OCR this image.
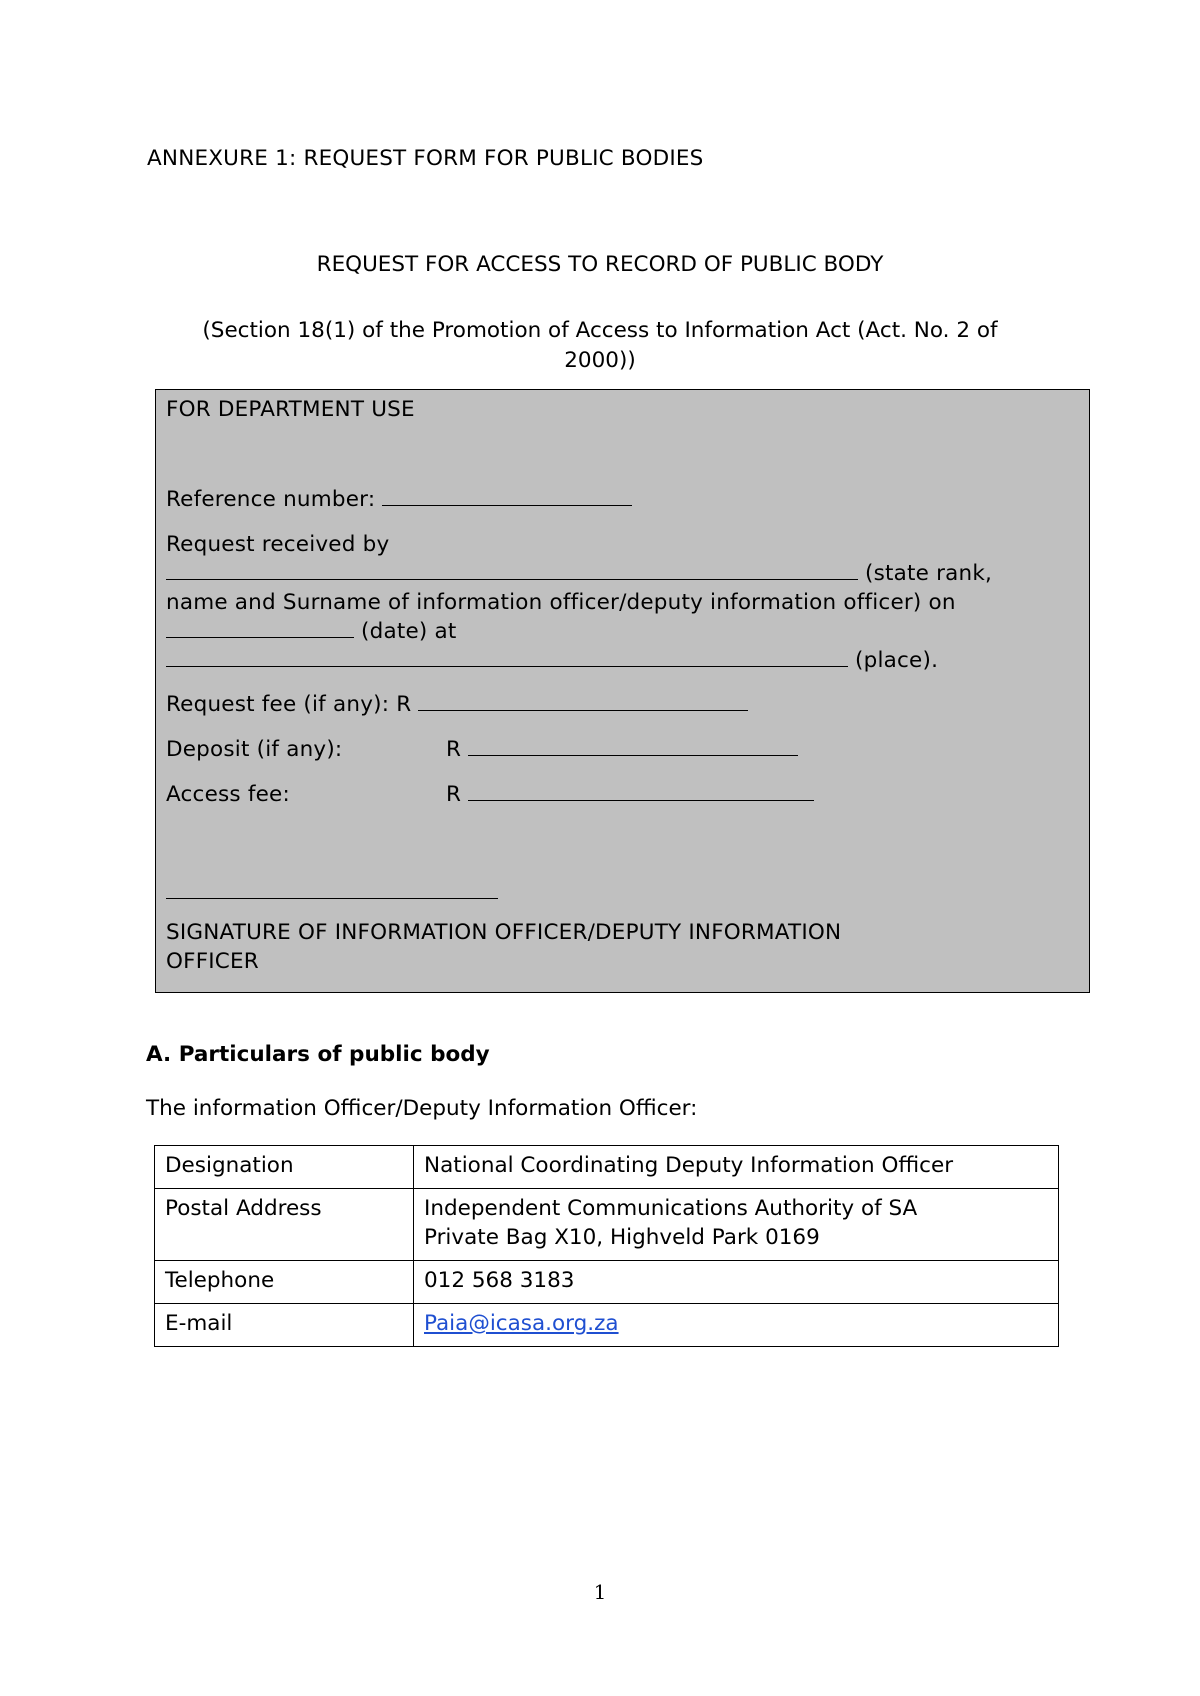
ANNEXURE 1: REQUEST FORM FOR PUBLIC BODIES

REQUEST FOR ACCESS TO RECORD OF PUBLIC BODY

(Section 18(1) of the Promotion of Access to Information Act (Act. No. 2 of 2000))

FOR DEPARTMENT USE
Reference number:
Request received by
(state rank,
name and Surname of information officer/deputy information officer) on
(date) at
(place).
Request fee (if any): R
Deposit (if any):	R
Access fee:	R
SIGNATURE OF INFORMATION OFFICER/DEPUTY INFORMATION
OFFICER

A. Particulars of public body

The information Officer/Deputy Information Officer:

Designation	National Coordinating Deputy Information Officer
Postal Address	Independent Communications Authority of SA
Private Bag X10, Highveld Park 0169

Telephone	012 568 3183
E-mail	Paia@icasa.org.za

1
